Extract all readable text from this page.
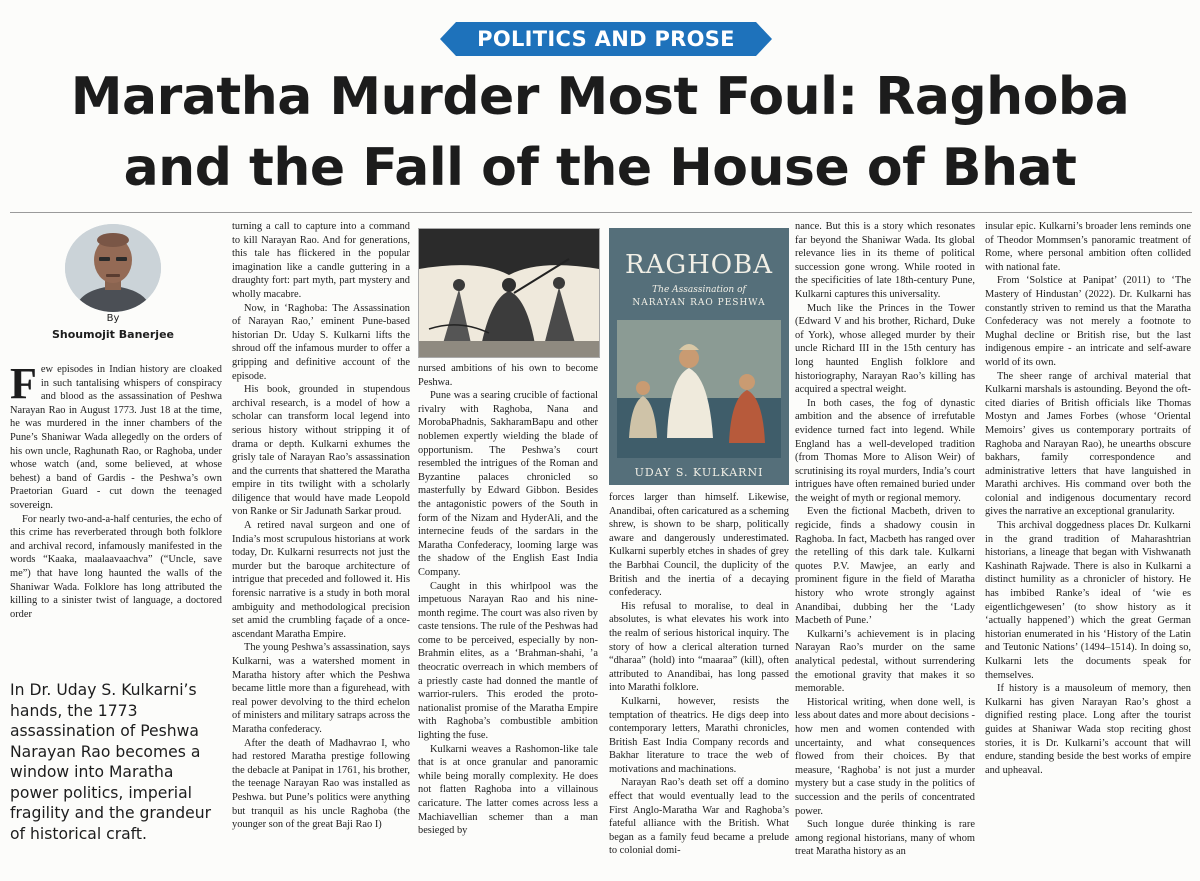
POLITICS AND PROSE
Maratha Murder Most Foul: Raghoba
and the Fall of the House of Bhat
By
Shoumojit Banerjee

Few episodes in Indian history are cloaked in such tantalising whispers of conspiracy and blood as the assassination of Peshwa Narayan Rao in August 1773. Just 18 at the time, he was murdered in the inner chambers of the Pune’s Shaniwar Wada allegedly on the orders of his own uncle, Raghunath Rao, or Raghoba, under whose watch (and, some believed, at whose behest) a band of Gardis - the Peshwa’s own Praetorian Guard - cut down the teenaged sovereign.

For nearly two-and-a-half centuries, the echo of this crime has reverberated through both folklore and archival record, infamously manifested in the words “Kaaka, maalaavaachva” (“Uncle, save me”) that have long haunted the walls of the Shaniwar Wada. Folklore has long attributed the killing to a sinister twist of language, a doctored order

In Dr. Uday S. Kulkarni’s hands, the 1773 assassination of Peshwa Narayan Rao becomes a window into Maratha power politics, imperial fragility and the grandeur of historical craft.

turning a call to capture into a command to kill Narayan Rao. And for generations, this tale has flickered in the popular imagination like a candle guttering in a draughty fort: part myth, part mystery and wholly macabre.

Now, in ‘Raghoba: The Assassination of Narayan Rao,’ eminent Pune-based historian Dr. Uday S. Kulkarni lifts the shroud off the infamous murder to offer a gripping and definitive account of the episode.

His book, grounded in stupendous archival research, is a model of how a scholar can transform local legend into serious history without stripping it of drama or depth. Kulkarni exhumes the grisly tale of Narayan Rao’s assassination and the currents that shattered the Maratha empire in tits twilight with a scholarly diligence that would have made Leopold von Ranke or Sir Jadunath Sarkar proud.

A retired naval surgeon and one of India’s most scrupulous historians at work today, Dr. Kulkarni resurrects not just the murder but the baroque architecture of intrigue that preceded and followed it. His forensic narrative is a study in both moral ambiguity and methodological precision set amid the crumbling façade of a once-ascendant Maratha Empire.

The young Peshwa’s assassination, says Kulkarni, was a watershed moment in Maratha history after which the Peshwa became little more than a figurehead, with real power devolving to the third echelon of ministers and military satraps across the Maratha confederacy.

After the death of Madhavrao I, who had restored Maratha prestige following the debacle at Panipat in 1761, his brother, the teenage Narayan Rao was installed as Peshwa. but Pune’s politics were anything but tranquil as his uncle Raghoba (the younger son of the great Baji Rao I)

nursed ambitions of his own to become Peshwa.

Pune was a searing crucible of factional rivalry with Raghoba, Nana and MorobaPhadnis, SakharamBapu and other noblemen expertly wielding the blade of opportunism. The Peshwa’s court resembled the intrigues of the Roman and Byzantine palaces chronicled so masterfully by Edward Gibbon. Besides the antagonistic powers of the South in form of the Nizam and HyderAli, and the internecine feuds of the sardars in the Maratha Confederacy, looming large was the shadow of the English East India Company.

Caught in this whirlpool was the impetuous Narayan Rao and his nine-month regime. The court was also riven by caste tensions. The rule of the Peshwas had come to be perceived, especially by non-Brahmin elites, as a ‘Brahman-shahi, ’a theocratic overreach in which members of a priestly caste had donned the mantle of warrior-rulers. This eroded the proto-nationalist promise of the Maratha Empire with Raghoba’s combustible ambition lighting the fuse.

Kulkarni weaves a Rashomon-like tale that is at once granular and panoramic while being morally complexity. He does not flatten Raghoba into a villainous caricature. The latter comes across less a Machiavellian schemer than a man besieged by

RAGHOBA
The Assassination of
NARAYAN RAO PESHWA
UDAY S. KULKARNI

forces larger than himself. Likewise, Anandibai, often caricatured as a scheming shrew, is shown to be sharp, politically aware and dangerously underestimated. Kulkarni superbly etches in shades of grey the Barbhai Council, the duplicity of the British and the inertia of a decaying confederacy.

His refusal to moralise, to deal in absolutes, is what elevates his work into the realm of serious historical inquiry. The story of how a clerical alteration turned “dharaa” (hold) into “maaraa” (kill), often attributed to Anandibai, has long passed into Marathi folklore.

Kulkarni, however, resists the temptation of theatrics. He digs deep into contemporary letters, Marathi chronicles, British East India Company records and Bakhar literature to trace the web of motivations and machinations.

Narayan Rao’s death set off a domino effect that would eventually lead to the First Anglo-Maratha War and Raghoba’s fateful alliance with the British. What began as a family feud became a prelude to colonial domi-

nance. But this is a story which resonates far beyond the Shaniwar Wada. Its global relevance lies in its theme of political succession gone wrong. While rooted in the specificities of late 18th-century Pune, Kulkarni captures this universality.

Much like the Princes in the Tower (Edward V and his brother, Richard, Duke of York), whose alleged murder by their uncle Richard III in the 15th century has long haunted English folklore and historiography, Narayan Rao’s killing has acquired a spectral weight.

In both cases, the fog of dynastic ambition and the absence of irrefutable evidence turned fact into legend. While England has a well-developed tradition (from Thomas More to Alison Weir) of scrutinising its royal murders, India’s court intrigues have often remained buried under the weight of myth or regional memory.

Even the fictional Macbeth, driven to regicide, finds a shadowy cousin in Raghoba. In fact, Macbeth has ranged over the retelling of this dark tale. Kulkarni quotes P.V. Mawjee, an early and prominent figure in the field of Maratha history who wrote strongly against Anandibai, dubbing her the ‘Lady Macbeth of Pune.’

Kulkarni’s achievement is in placing Narayan Rao’s murder on the same analytical pedestal, without surrendering the emotional gravity that makes it so memorable.

Historical writing, when done well, is less about dates and more about decisions - how men and women contended with uncertainty, and what consequences flowed from their choices. By that measure, ‘Raghoba’ is not just a murder mystery but a case study in the politics of succession and the perils of concentrated power.

Such longue durée thinking is rare among regional historians, many of whom treat Maratha history as an

insular epic. Kulkarni’s broader lens reminds one of Theodor Mommsen’s panoramic treatment of Rome, where personal ambition often collided with national fate.

From ‘Solstice at Panipat’ (2011) to ‘The Mastery of Hindustan’ (2022). Dr. Kulkarni has constantly striven to remind us that the Maratha Confederacy was not merely a footnote to Mughal decline or British rise, but the last indigenous empire - an intricate and self-aware world of its own.

The sheer range of archival material that Kulkarni marshals is astounding. Beyond the oft-cited diaries of British officials like Thomas Mostyn and James Forbes (whose ‘Oriental Memoirs’ gives us contemporary portraits of Raghoba and Narayan Rao), he unearths obscure bakhars, family correspondence and administrative letters that have languished in Marathi archives. His command over both the colonial and indigenous documentary record gives the narrative an exceptional granularity.

This archival doggedness places Dr. Kulkarni in the grand tradition of Maharashtrian historians, a lineage that began with Vishwanath Kashinath Rajwade. There is also in Kulkarni a distinct humility as a chronicler of history. He has imbibed Ranke’s ideal of ‘wie es eigentlichgewesen’ (to show history as it ‘actually happened’) which the great German historian enumerated in his ‘History of the Latin and Teutonic Nations’ (1494–1514). In doing so, Kulkarni lets the documents speak for themselves.

If history is a mausoleum of memory, then Kulkarni has given Narayan Rao’s ghost a dignified resting place. Long after the tourist guides at Shaniwar Wada stop reciting ghost stories, it is Dr. Kulkarni’s account that will endure, standing beside the best works of empire and upheaval.
